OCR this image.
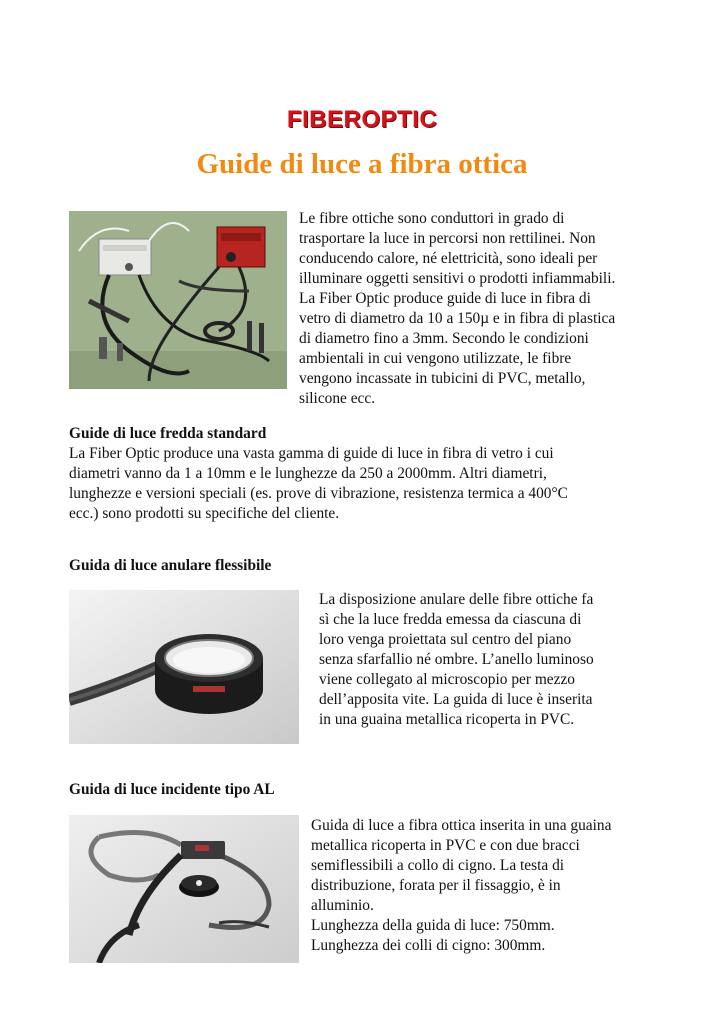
FIBEROPTIC
Guide di luce a fibra ottica
Le fibre ottiche sono conduttori in grado di
trasportare la luce in percorsi non rettilinei. Non
conducendo calore, né elettricità, sono ideali per
illuminare oggetti sensitivi o prodotti infiammabili.
La Fiber Optic produce guide di luce in fibra di
vetro di diametro da 10 a 150µ e in fibra di plastica
di diametro fino a 3mm. Secondo le condizioni
ambientali in cui vengono utilizzate, le fibre
vengono incassate in tubicini di PVC, metallo,
silicone ecc.
Guide di luce fredda standard
La Fiber Optic produce una vasta gamma di guide di luce in fibra di vetro i cui
diametri vanno da 1 a 10mm e le lunghezze da 250 a 2000mm. Altri diametri,
lunghezze e versioni speciali (es. prove di vibrazione, resistenza termica a 400°C
ecc.) sono prodotti su specifiche del cliente.
Guida di luce anulare flessibile
La disposizione anulare delle fibre ottiche fa
sì che la luce fredda emessa da ciascuna di
loro venga proiettata sul centro del piano
senza sfarfallio né ombre. L’anello luminoso
viene collegato al microscopio per mezzo
dell’apposita vite. La guida di luce è inserita
in una guaina metallica ricoperta in PVC.
Guida di luce incidente tipo AL
Guida di luce a fibra ottica inserita in una guaina
metallica ricoperta in PVC e con due bracci
semiflessibili a collo di cigno. La testa di
distribuzione, forata per il fissaggio, è in
alluminio.
Lunghezza della guida di luce: 750mm.
Lunghezza dei colli di cigno: 300mm.
